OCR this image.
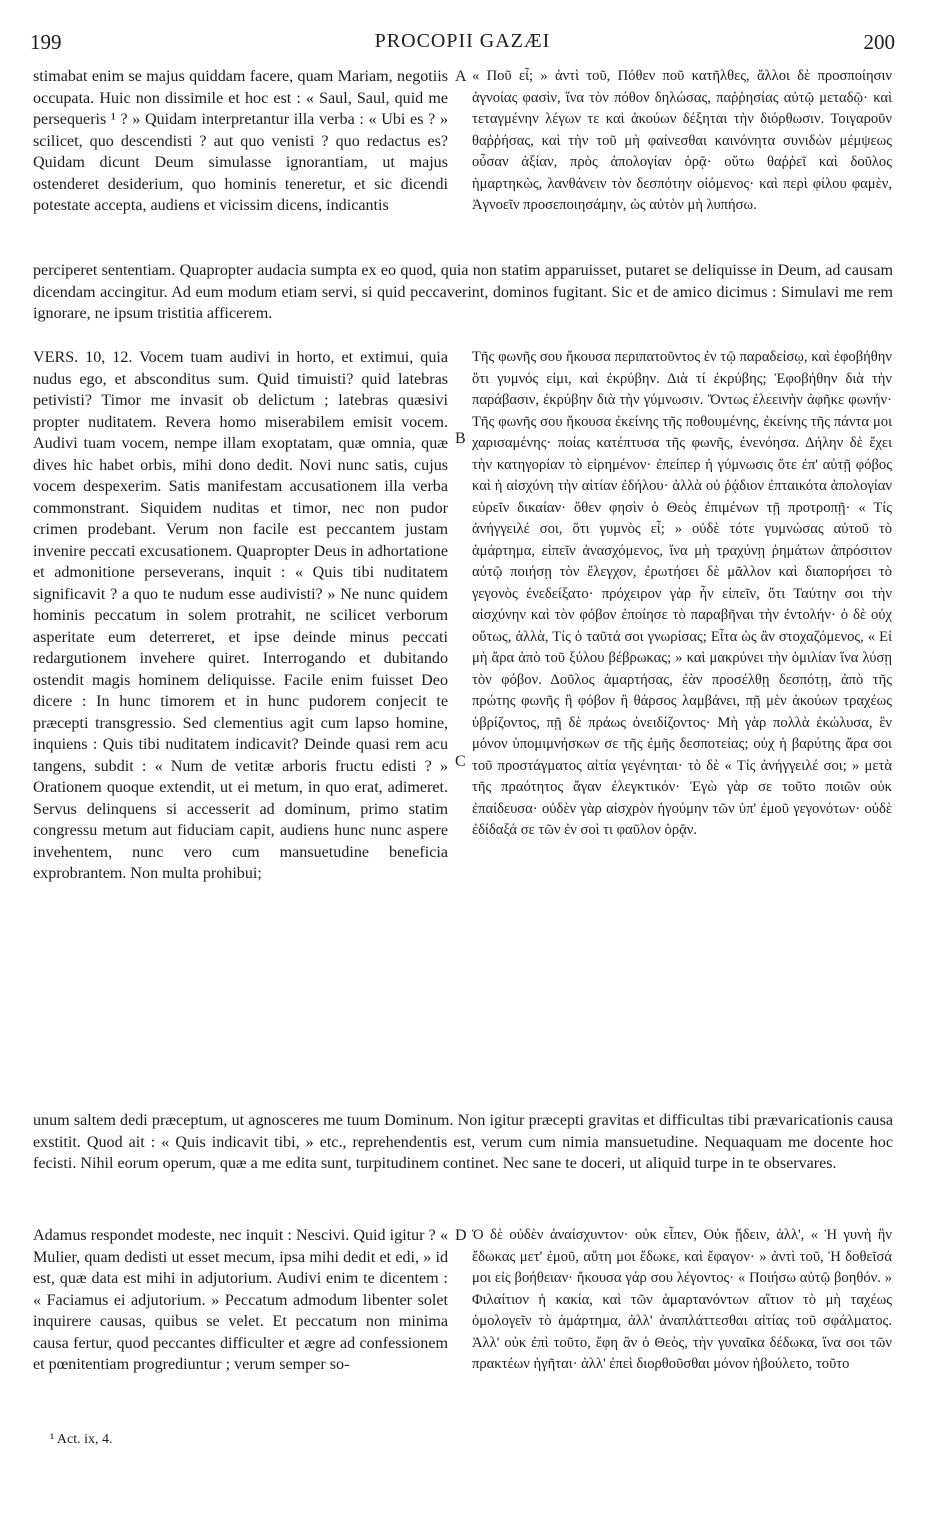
199	PROCOPII GAZÆI	200

stimabat enim se majus quiddam facere, quam Mariam, negotiis occupata. Huic non dissimile et hoc est : « Saul, Saul, quid me persequeris ¹ ? » Quidam interpretantur illa verba : « Ubi es ? » scilicet, quo descendisti ? aut quo venisti ? quo redactus es? Quidam dicunt Deum simulasse ignorantiam, ut majus ostenderet desiderium, quo hominis teneretur, et sic dicendi potestate accepta, audiens et vicissim dicens, indicantis

A « Ποῦ εἶ; » ἀντὶ τοῦ, Πόθεν ποῦ κατῆλθες, ἄλλοι δὲ προσποίησιν ἀγνοίας φασὶν, ἵνα τὸν πόθον δηλώσας, παῤῥησίας αὐτῷ μεταδῷ· καὶ τεταγμένην λέγων τε καὶ ἀκούων δέξηται τὴν διόρθωσιν. Τοιγαροῦν θαῤῥήσας, καὶ τὴν τοῦ μὴ φαίνεσθαι καινόνητα συνιδὼν μέμψεως οὖσαν ἀξίαν, πρὸς ἀπολογίαν ὁρᾷ· οὕτω θαῤῥεῖ καὶ δοῦλος ἡμαρτηκὼς, λανθάνειν τὸν δεσπότην οἰόμενος· καὶ περὶ φίλου φαμὲν, Ἀγνοεῖν προσεποιησάμην, ὡς αὐτὸν μὴ λυπήσω.

perciperet sententiam. Quapropter audacia sumpta ex eo quod, quia non statim apparuisset, putaret se deliquisse in Deum, ad causam dicendam accingitur. Ad eum modum etiam servi, si quid peccaverint, dominos fugitant. Sic et de amico dicimus : Simulavi me rem ignorare, ne ipsum tristitia afficerem.

VERS. 10, 12. Vocem tuam audivi in horto, et extimui, quia nudus ego, et absconditus sum. Quid timuisti? quid latebras petivisti? Timor me invasit ob delictum ; latebras quæsivi propter nuditatem. Revera homo miserabilem emisit vocem. Audivi tuam vocem, nempe illam exoptatam, quæ omnia, quæ dives hic habet orbis, mihi dono dedit. Novi nunc satis, cujus vocem despexerim. Satis manifestam accusationem illa verba commonstrant. Siquidem nuditas et timor, nec non pudor crimen prodebant. Verum non facile est peccantem justam invenire peccati excusationem. Quapropter Deus in adhortatione et admonitione perseverans, inquit : « Quis tibi nuditatem significavit ? a quo te nudum esse audivisti? » Ne nunc quidem hominis peccatum in solem protrahit, ne scilicet verborum asperitate eum deterreret, et ipse deinde minus peccati redargutionem invehere quiret. Interrogando et dubitando ostendit magis hominem deliquisse. Facile enim fuisset Deo dicere : In hunc timorem et in hunc pudorem conjecit te præcepti transgressio. Sed clementius agit cum lapso homine, inquiens : Quis tibi nuditatem indicavit? Deinde quasi rem acu tangens, subdit : « Num de vetitæ arboris fructu edisti ? » Orationem quoque extendit, ut ei metum, in quo erat, adimeret. Servus delinquens si accesserit ad dominum, primo statim congressu metum aut fiduciam capit, audiens hunc nunc aspere invehentem, nunc vero cum mansuetudine beneficia exprobrantem. Non multa prohibui;

B
C

Τῆς φωνῆς σου ἤκουσα περιπατοῦντος ἐν τῷ παραδείσῳ, καὶ ἐφοβήθην ὅτι γυμνός εἰμι, καὶ ἐκρύβην. Διὰ τί ἐκρύβης; Ἐφοβήθην διὰ τὴν παράβασιν, ἐκρύβην διὰ τὴν γύμνωσιν. Ὄντως ἐλεεινὴν ἀφῆκε φωνήν· Τῆς φωνῆς σου ἤκουσα ἐκείνης τῆς ποθουμένης, ἐκείνης τῆς πάντα μοι χαρισαμένης· ποίας κατέπτυσα τῆς φωνῆς, ἐνενόησα. Δήλην δὲ ἔχει τὴν κατηγορίαν τὸ εἰρημένον· ἐπείπερ ἡ γύμνωσις ὅτε ἐπ' αὐτῇ φόβος καὶ ἡ αἰσχύνη τὴν αἰτίαν ἐδήλου· ἀλλὰ οὐ ῥᾴδιον ἐπταικότα ἀπολογίαν εὑρεῖν δικαίαν· ὅθεν φησὶν ὁ Θεὸς ἐπιμένων τῇ προτροπῇ· « Τίς ἀνήγγειλέ σοι, ὅτι γυμνὸς εἶ; » οὐδὲ τότε γυμνώσας αὐτοῦ τὸ ἁμάρτημα, εἰπεῖν ἀνασχόμενος, ἵνα μὴ τραχύνῃ ῥημάτων ἀπρόσιτον αὐτῷ ποιήσῃ τὸν ἔλεγχον, ἐρωτήσει δὲ μᾶλλον καὶ διαπορήσει τὸ γεγονὸς ἐνεδείξατο· πρόχειρον γὰρ ἦν εἰπεῖν, ὅτι Ταύτην σοι τὴν αἰσχύνην καὶ τὸν φόβον ἐποίησε τὸ παραβῆναι τὴν ἐντολήν· ὁ δὲ οὐχ οὕτως, ἀλλὰ, Τίς ὁ ταῦτά σοι γνωρίσας; Εἶτα ὡς ἂν στοχαζόμενος, « Εἰ μὴ ἄρα ἀπὸ τοῦ ξύλου βέβρωκας; » καὶ μακρύνει τὴν ὁμιλίαν ἵνα λύσῃ τὸν φόβον. Δοῦλος ἁμαρτήσας, ἐὰν προσέλθῃ δεσπότῃ, ἀπὸ τῆς πρώτης φωνῆς ἢ φόβον ἢ θάρσος λαμβάνει, πῇ μὲν ἀκούων τραχέως ὑβρίζοντος, πῇ δὲ πράως ὀνειδίζοντος· Μὴ γὰρ πολλὰ ἐκώλυσα, ἓν μόνον ὑπομιμνήσκων σε τῆς ἐμῆς δεσποτείας; οὐχ ἡ βαρύτης ἄρα σοι τοῦ προστάγματος αἰτία γεγένηται· τὸ δὲ « Τίς ἀνήγγειλέ σοι; » μετὰ τῆς πραότητος ἄγαν ἐλεγκτικόν· Ἐγὼ γὰρ σε τοῦτο ποιῶν οὐκ ἐπαίδευσα· οὐδὲν γὰρ αἰσχρὸν ἡγούμην τῶν ὑπ' ἐμοῦ γεγονότων· οὐδὲ ἐδίδαξά σε τῶν ἐν σοὶ τι φαῦλον ὁρᾷν.

unum saltem dedi præceptum, ut agnosceres me tuum Dominum. Non igitur præcepti gravitas et difficultas tibi prævaricationis causa exstitit. Quod ait : « Quis indicavit tibi, » etc., reprehendentis est, verum cum nimia mansuetudine. Nequaquam me docente hoc fecisti. Nihil eorum operum, quæ a me edita sunt, turpitudinem continet. Nec sane te doceri, ut aliquid turpe in te observares.

Adamus respondet modeste, nec inquit : Nescivi. Quid igitur ? « Mulier, quam dedisti ut esset mecum, ipsa mihi dedit et edi, » id est, quæ data est mihi in adjutorium. Audivi enim te dicentem : « Faciamus ei adjutorium. » Peccatum admodum libenter solet inquirere causas, quibus se velet. Et peccatum non minima causa fertur, quod peccantes difficulter et ægre ad confessionem et pœnitentiam progrediuntur ; verum semper so-

D Ὁ δὲ οὐδὲν ἀναίσχυντον· οὐκ εἶπεν, Οὐκ ᾔδειν, ἀλλ', « Ἡ γυνὴ ἣν ἔδωκας μετ' ἐμοῦ, αὕτη μοι ἔδωκε, καὶ ἔφαγον· » ἀντὶ τοῦ, Ἡ δοθεῖσά μοι εἰς βοήθειαν· ἤκουσα γάρ σου λέγοντος· « Ποιήσω αὐτῷ βοηθόν. » Φιλαίτιον ἡ κακία, καὶ τῶν ἁμαρτανόντων αἴτιον τὸ μὴ ταχέως ὁμολογεῖν τὸ ἁμάρτημα, ἀλλ' ἀναπλάττεσθαι αἰτίας τοῦ σφάλματος. Ἀλλ' οὐκ ἐπὶ τοῦτο, ἔφη ἂν ὁ Θεὸς, τὴν γυναῖκα δέδωκα, ἵνα σοι τῶν πρακτέων ἡγῆται· ἀλλ' ἐπεὶ διορθοῦσθαι μόνον ἠβούλετο, τοῦτο

¹ Act. ix, 4.
